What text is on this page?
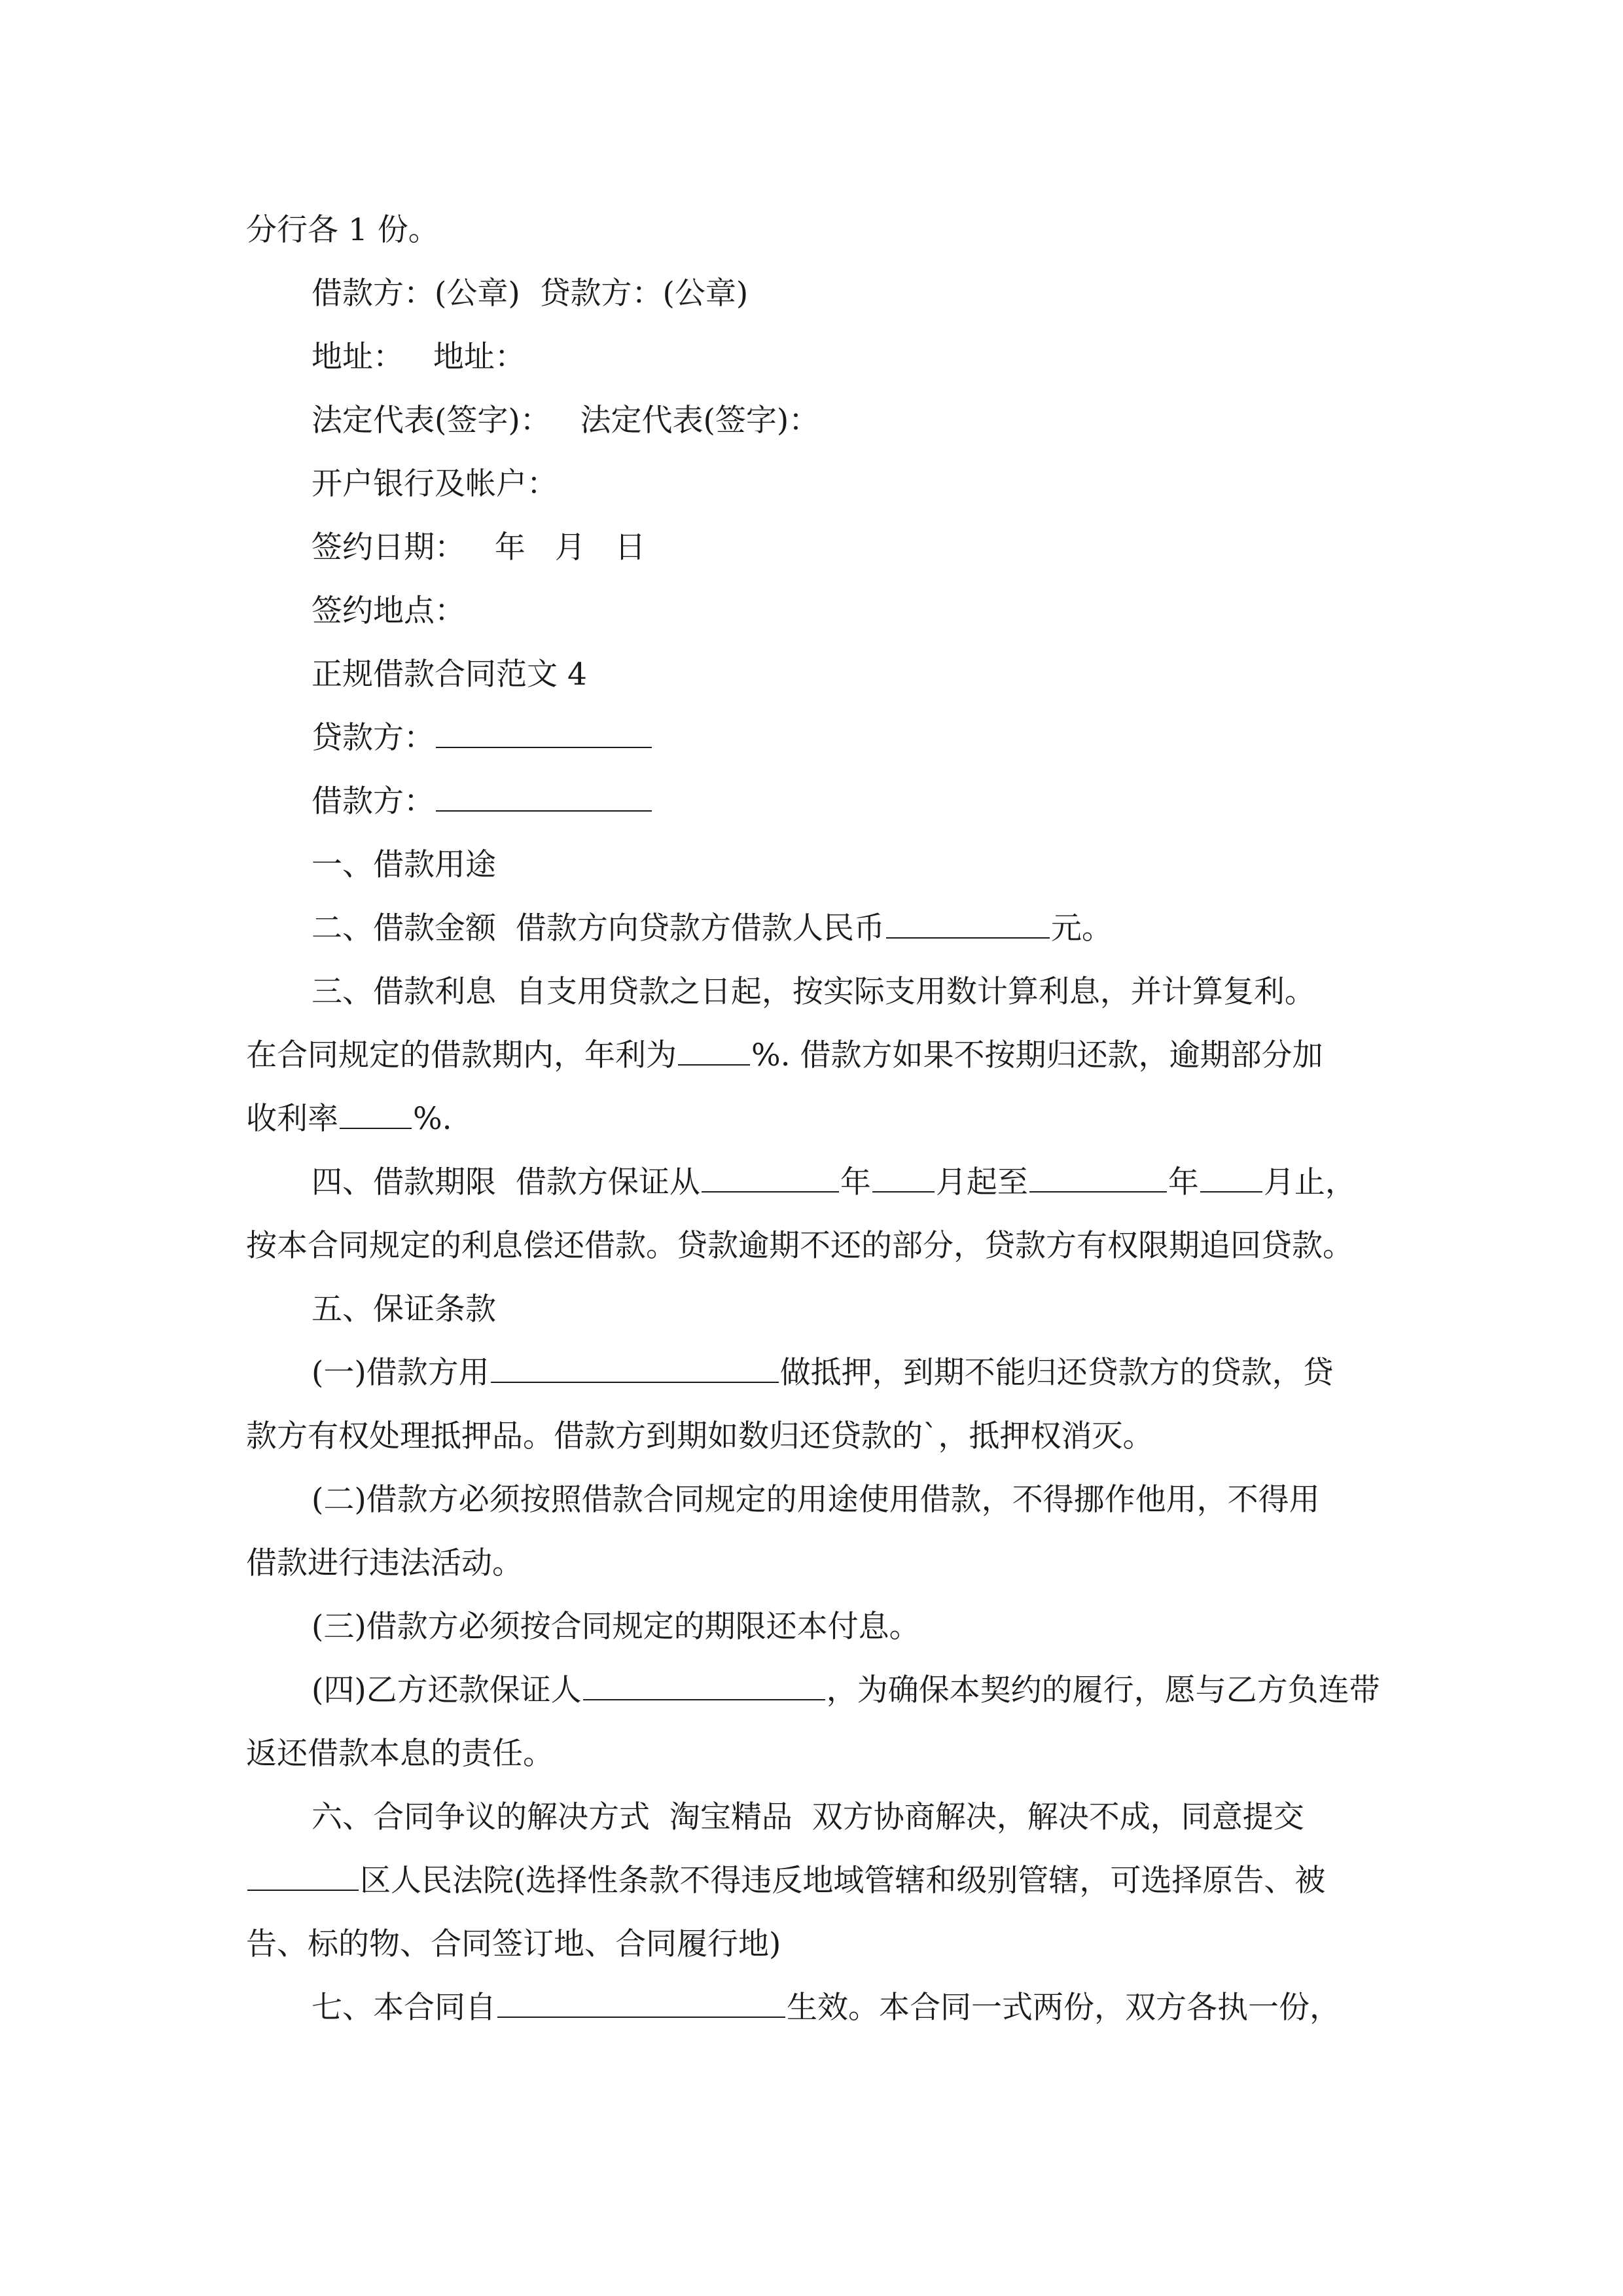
分行各 1 份。
借款方：(公章)  贷款方：(公章)
地址：   地址：
法定代表(签字)：   法定代表(签字)：
开户银行及帐户：
签约日期：   年   月   日
签约地点：
正规借款合同范文 4
贷款方：
借款方：
一、借款用途
二、借款金额  借款方向贷款方借款人民币	元。
三、借款利息  自支用贷款之日起，按实际支用数计算利息，并计算复利。
在合同规定的借款期内，年利为 %. 借款方如果不按期归还款，逾期部分加
收利率 %.
四、借款期限  借款方保证从	年 月起至	年 月止，
按本合同规定的利息偿还借款。贷款逾期不还的部分，贷款方有权限期追回贷款。
五、保证条款
(一)借款方用	做抵押，到期不能归还贷款方的贷款，贷
款方有权处理抵押品。借款方到期如数归还贷款的`，抵押权消灭。
(二)借款方必须按照借款合同规定的用途使用借款，不得挪作他用，不得用
借款进行违法活动。
(三)借款方必须按合同规定的期限还本付息。
(四)乙方还款保证人	，为确保本契约的履行，愿与乙方负连带
返还借款本息的责任。
六、合同争议的解决方式  淘宝精品  双方协商解决，解决不成，同意提交
区人民法院(选择性条款不得违反地域管辖和级别管辖，可选择原告、被
告、标的物、合同签订地、合同履行地)
七、本合同自	生效。本合同一式两份，双方各执一份，
